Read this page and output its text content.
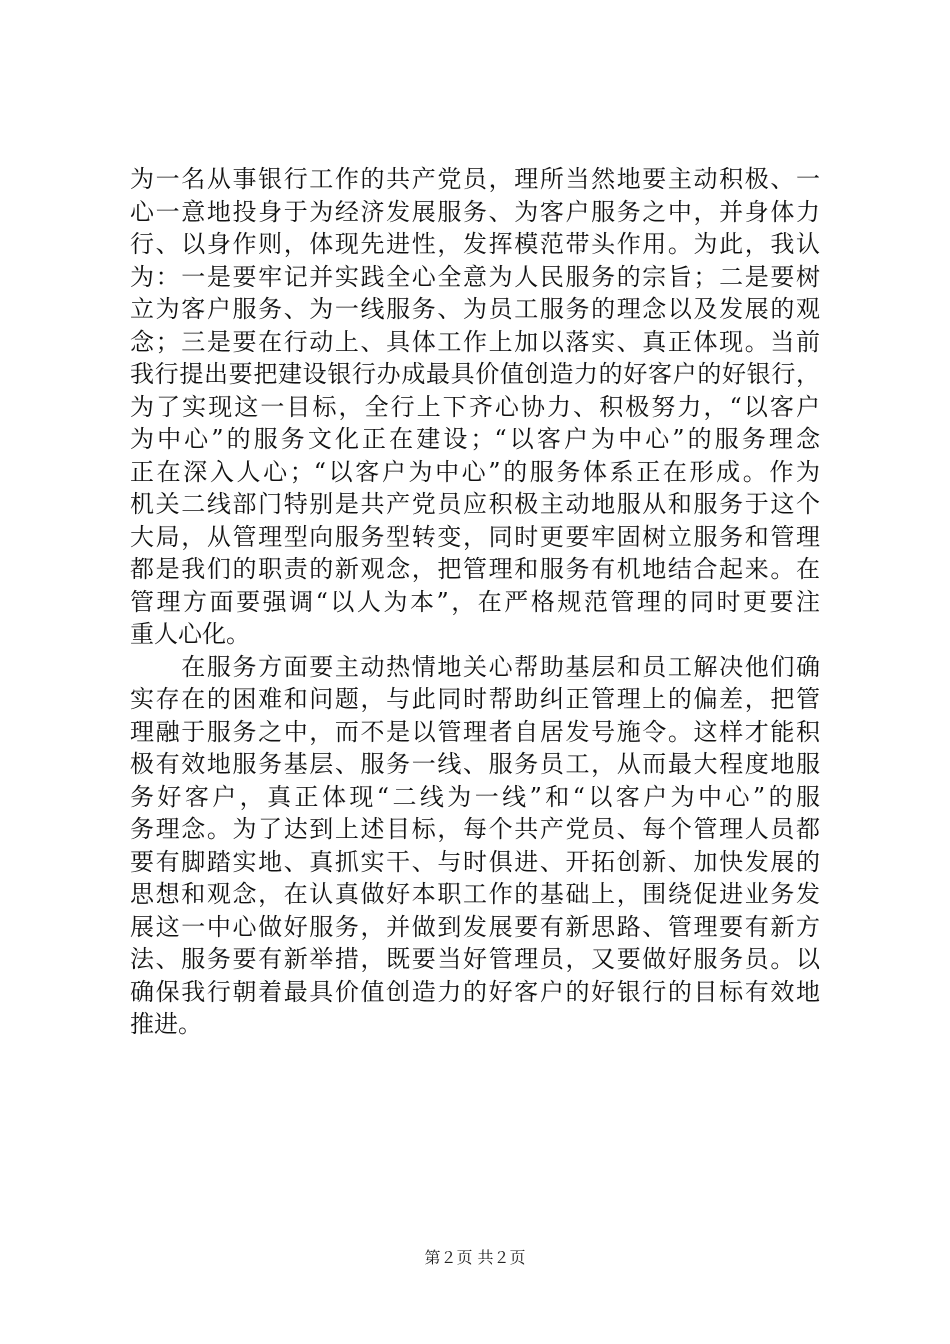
为一名从事银行工作的共产党员，理所当然地要主动积极、一
心一意地投身于为经济发展服务、为客户服务之中，并身体力
行、以身作则，体现先进性，发挥模范带头作用。为此，我认
为：一是要牢记并实践全心全意为人民服务的宗旨；二是要树
立为客户服务、为一线服务、为员工服务的理念以及发展的观
念；三是要在行动上、具体工作上加以落实、真正体现。当前
我行提出要把建设银行办成最具价值创造力的好客户的好银行，
为了实现这一目标，全行上下齐心协力、积极努力，“以客户
为中心”的服务文化正在建设；“以客户为中心”的服务理念
正在深入人心；“以客户为中心”的服务体系正在形成。作为
机关二线部门特别是共产党员应积极主动地服从和服务于这个
大局，从管理型向服务型转变，同时更要牢固树立服务和管理
都是我们的职责的新观念，把管理和服务有机地结合起来。在
管理方面要强调“以人为本”，在严格规范管理的同时更要注
重人心化。

　　在服务方面要主动热情地关心帮助基层和员工解决他们确
实存在的困难和问题，与此同时帮助纠正管理上的偏差，把管
理融于服务之中，而不是以管理者自居发号施令。这样才能积
极有效地服务基层、服务一线、服务员工，从而最大程度地服
务好客户，真正体现“二线为一线”和“以客户为中心”的服
务理念。为了达到上述目标，每个共产党员、每个管理人员都
要有脚踏实地、真抓实干、与时俱进、开拓创新、加快发展的
思想和观念，在认真做好本职工作的基础上，围绕促进业务发
展这一中心做好服务，并做到发展要有新思路、管理要有新方
法、服务要有新举措，既要当好管理员，又要做好服务员。以
确保我行朝着最具价值创造力的好客户的好银行的目标有效地
推进。

第２页 共２页
